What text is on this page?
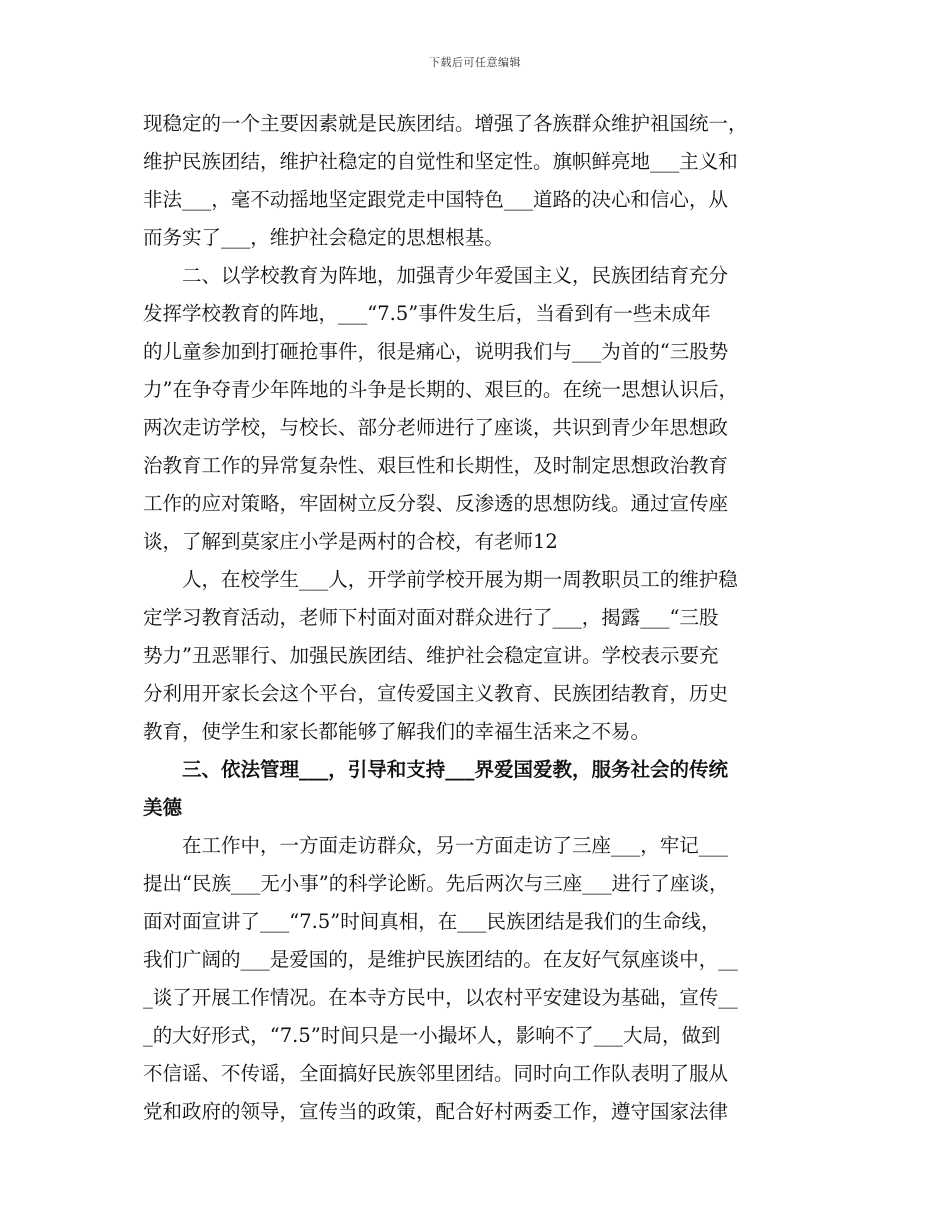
下载后可任意编辑
现稳定的一个主要因素就是民族团结。增强了各族群众维护祖国统一，
维护民族团结，维护社稳定的自觉性和坚定性。旗帜鲜亮地___主义和
非法___，毫不动摇地坚定跟党走中国特色___道路的决心和信心，从
而务实了___，维护社会稳定的思想根基。
　　二、以学校教育为阵地，加强青少年爱国主义，民族团结育充分
发挥学校教育的阵地，___“7.5”事件发生后，当看到有一些未成年
的儿童参加到打砸抢事件，很是痛心，说明我们与___为首的“三股势
力”在争夺青少年阵地的斗争是长期的、艰巨的。在统一思想认识后，
两次走访学校，与校长、部分老师进行了座谈，共识到青少年思想政
治教育工作的异常复杂性、艰巨性和长期性，及时制定思想政治教育
工作的应对策略，牢固树立反分裂、反渗透的思想防线。通过宣传座
谈，了解到莫家庄小学是两村的合校，有老师12
　　人，在校学生___人，开学前学校开展为期一周教职员工的维护稳
定学习教育活动，老师下村面对面对群众进行了___，揭露___“三股
势力”丑恶罪行、加强民族团结、维护社会稳定宣讲。学校表示要充
分利用开家长会这个平台，宣传爱国主义教育、民族团结教育，历史
教育，使学生和家长都能够了解我们的幸福生活来之不易。
　　三、依法管理___，引导和支持___界爱国爱教，服务社会的传统
美德
　　在工作中，一方面走访群众，另一方面走访了三座___，牢记___
提出“民族___无小事”的科学论断。先后两次与三座___进行了座谈，
面对面宣讲了___“7.5”时间真相，在___民族团结是我们的生命线，
我们广阔的___是爱国的，是维护民族团结的。在友好气氛座谈中，__
_谈了开展工作情况。在本寺方民中，以农村平安建设为基础，宣传__
_的大好形式，“7.5”时间只是一小撮坏人，影响不了___大局，做到
不信谣、不传谣，全面搞好民族邻里团结。同时向工作队表明了服从
党和政府的领导，宣传当的政策，配合好村两委工作，遵守国家法律
